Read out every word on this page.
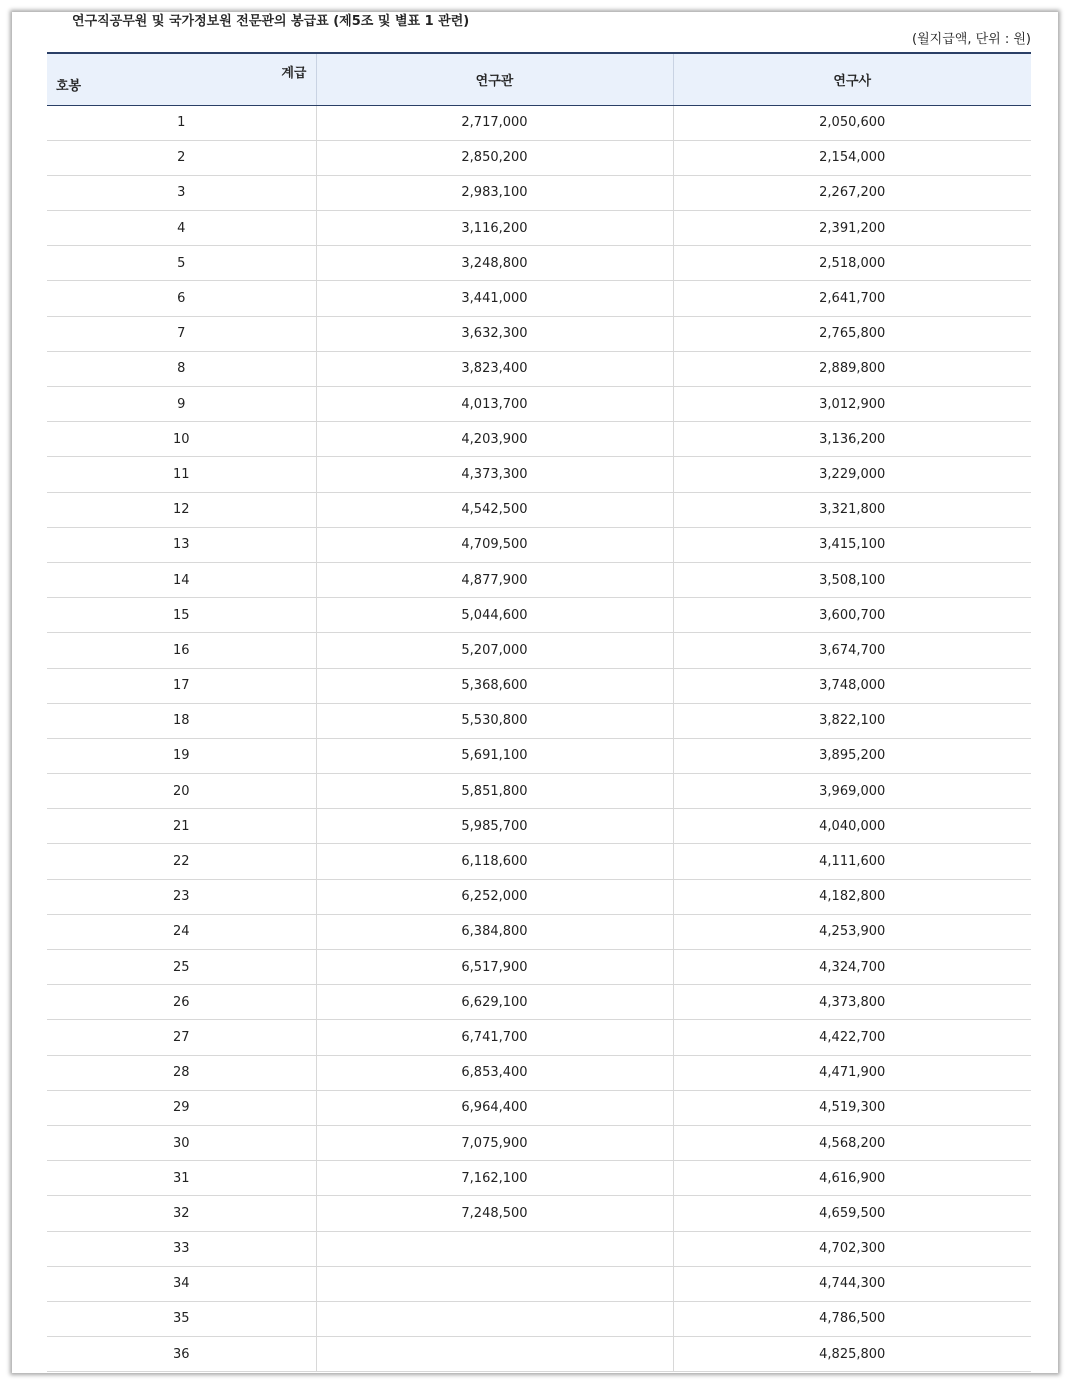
연구직공무원 및 국가정보원 전문관의 봉급표 (제5조 및 별표 1 관련)
(월지급액, 단위 : 원)
계급
호봉	연구관	연구사
1	2,717,000	2,050,600
2	2,850,200	2,154,000
3	2,983,100	2,267,200
4	3,116,200	2,391,200
5	3,248,800	2,518,000
6	3,441,000	2,641,700
7	3,632,300	2,765,800
8	3,823,400	2,889,800
9	4,013,700	3,012,900
10	4,203,900	3,136,200
11	4,373,300	3,229,000
12	4,542,500	3,321,800
13	4,709,500	3,415,100
14	4,877,900	3,508,100
15	5,044,600	3,600,700
16	5,207,000	3,674,700
17	5,368,600	3,748,000
18	5,530,800	3,822,100
19	5,691,100	3,895,200
20	5,851,800	3,969,000
21	5,985,700	4,040,000
22	6,118,600	4,111,600
23	6,252,000	4,182,800
24	6,384,800	4,253,900
25	6,517,900	4,324,700
26	6,629,100	4,373,800
27	6,741,700	4,422,700
28	6,853,400	4,471,900
29	6,964,400	4,519,300
30	7,075,900	4,568,200
31	7,162,100	4,616,900
32	7,248,500	4,659,500
33		4,702,300
34		4,744,300
35		4,786,500
36		4,825,800
